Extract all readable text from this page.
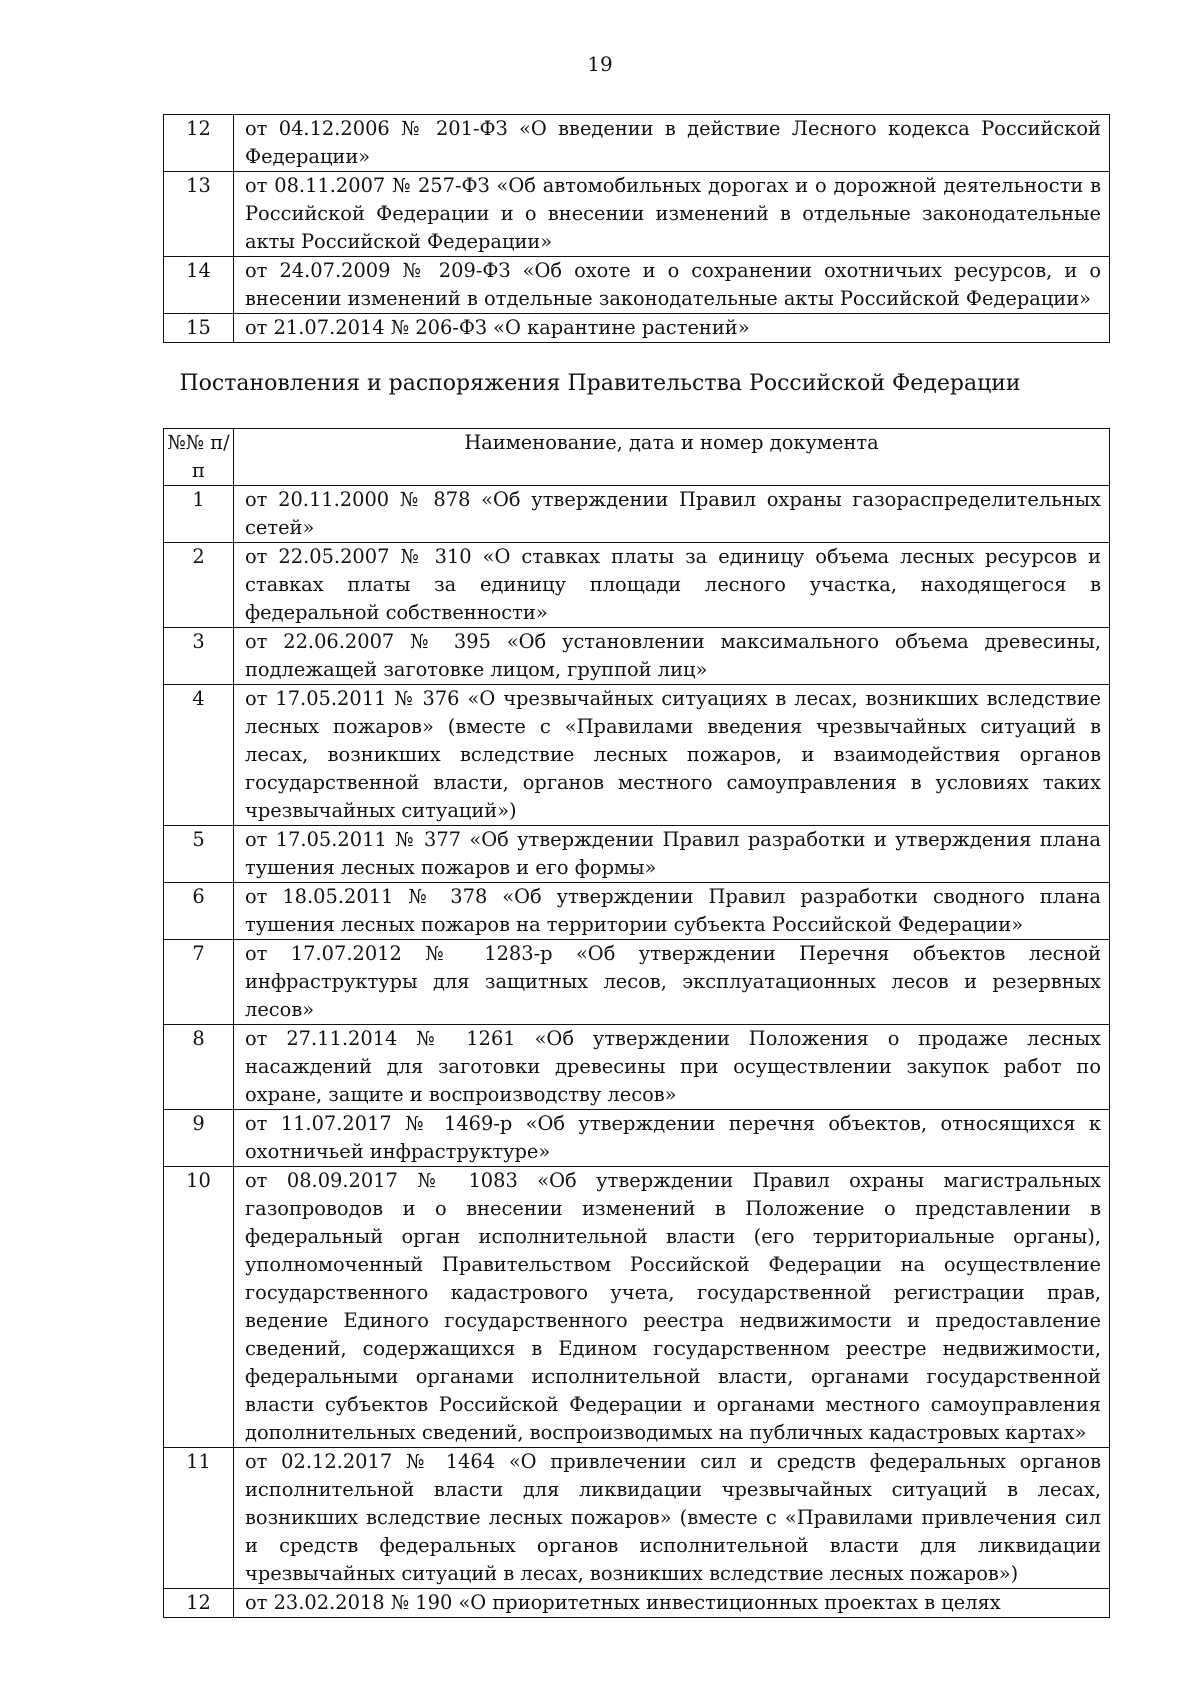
19
12	от 04.12.2006 № 201-ФЗ «О введении в действие Лесного кодекса Российской Федерации»
13	от 08.11.2007 № 257-ФЗ «Об автомобильных дорогах и о дорожной деятельности в Российской Федерации и о внесении изменений в отдельные законодательные акты Российской Федерации»
14	от 24.07.2009 № 209-ФЗ «Об охоте и о сохранении охотничьих ресурсов, и о внесении изменений в отдельные законодательные акты Российской Федерации»
15	от 21.07.2014 № 206-ФЗ «О карантине растений»
Постановления и распоряжения Правительства Российской Федерации
№№ п/п	Наименование, дата и номер документа
1	от 20.11.2000 № 878 «Об утверждении Правил охраны газораспределительных сетей»
2	от 22.05.2007 № 310 «О ставках платы за единицу объема лесных ресурсов и ставках платы за единицу площади лесного участка, находящегося в федеральной собственности»
3	от 22.06.2007 № 395 «Об установлении максимального объема древесины, подлежащей заготовке лицом, группой лиц»
4	от 17.05.2011 № 376 «О чрезвычайных ситуациях в лесах, возникших вследствие лесных пожаров» (вместе с «Правилами введения чрезвычайных ситуаций в лесах, возникших вследствие лесных пожаров, и взаимодействия органов государственной власти, органов местного самоуправления в условиях таких чрезвычайных ситуаций»)
5	от 17.05.2011 № 377 «Об утверждении Правил разработки и утверждения плана тушения лесных пожаров и его формы»
6	от 18.05.2011 № 378 «Об утверждении Правил разработки сводного плана тушения лесных пожаров на территории субъекта Российской Федерации»
7	от 17.07.2012 № 1283-р «Об утверждении Перечня объектов лесной инфраструктуры для защитных лесов, эксплуатационных лесов и резервных лесов»
8	от 27.11.2014 № 1261 «Об утверждении Положения о продаже лесных насаждений для заготовки древесины при осуществлении закупок работ по охране, защите и воспроизводству лесов»
9	от 11.07.2017 № 1469-р «Об утверждении перечня объектов, относящихся к охотничьей инфраструктуре»
10	от 08.09.2017 № 1083 «Об утверждении Правил охраны магистральных газопроводов и о внесении изменений в Положение о представлении в федеральный орган исполнительной власти (его территориальные органы), уполномоченный Правительством Российской Федерации на осуществление государственного кадастрового учета, государственной регистрации прав, ведение Единого государственного реестра недвижимости и предоставление сведений, содержащихся в Едином государственном реестре недвижимости, федеральными органами исполнительной власти, органами государственной власти субъектов Российской Федерации и органами местного самоуправления дополнительных сведений, воспроизводимых на публичных кадастровых картах»
11	от 02.12.2017 № 1464 «О привлечении сил и средств федеральных органов исполнительной власти для ликвидации чрезвычайных ситуаций в лесах, возникших вследствие лесных пожаров» (вместе с «Правилами привлечения сил и средств федеральных органов исполнительной власти для ликвидации чрезвычайных ситуаций в лесах, возникших вследствие лесных пожаров»)
12	от 23.02.2018 № 190 «О приоритетных инвестиционных проектах в целях
